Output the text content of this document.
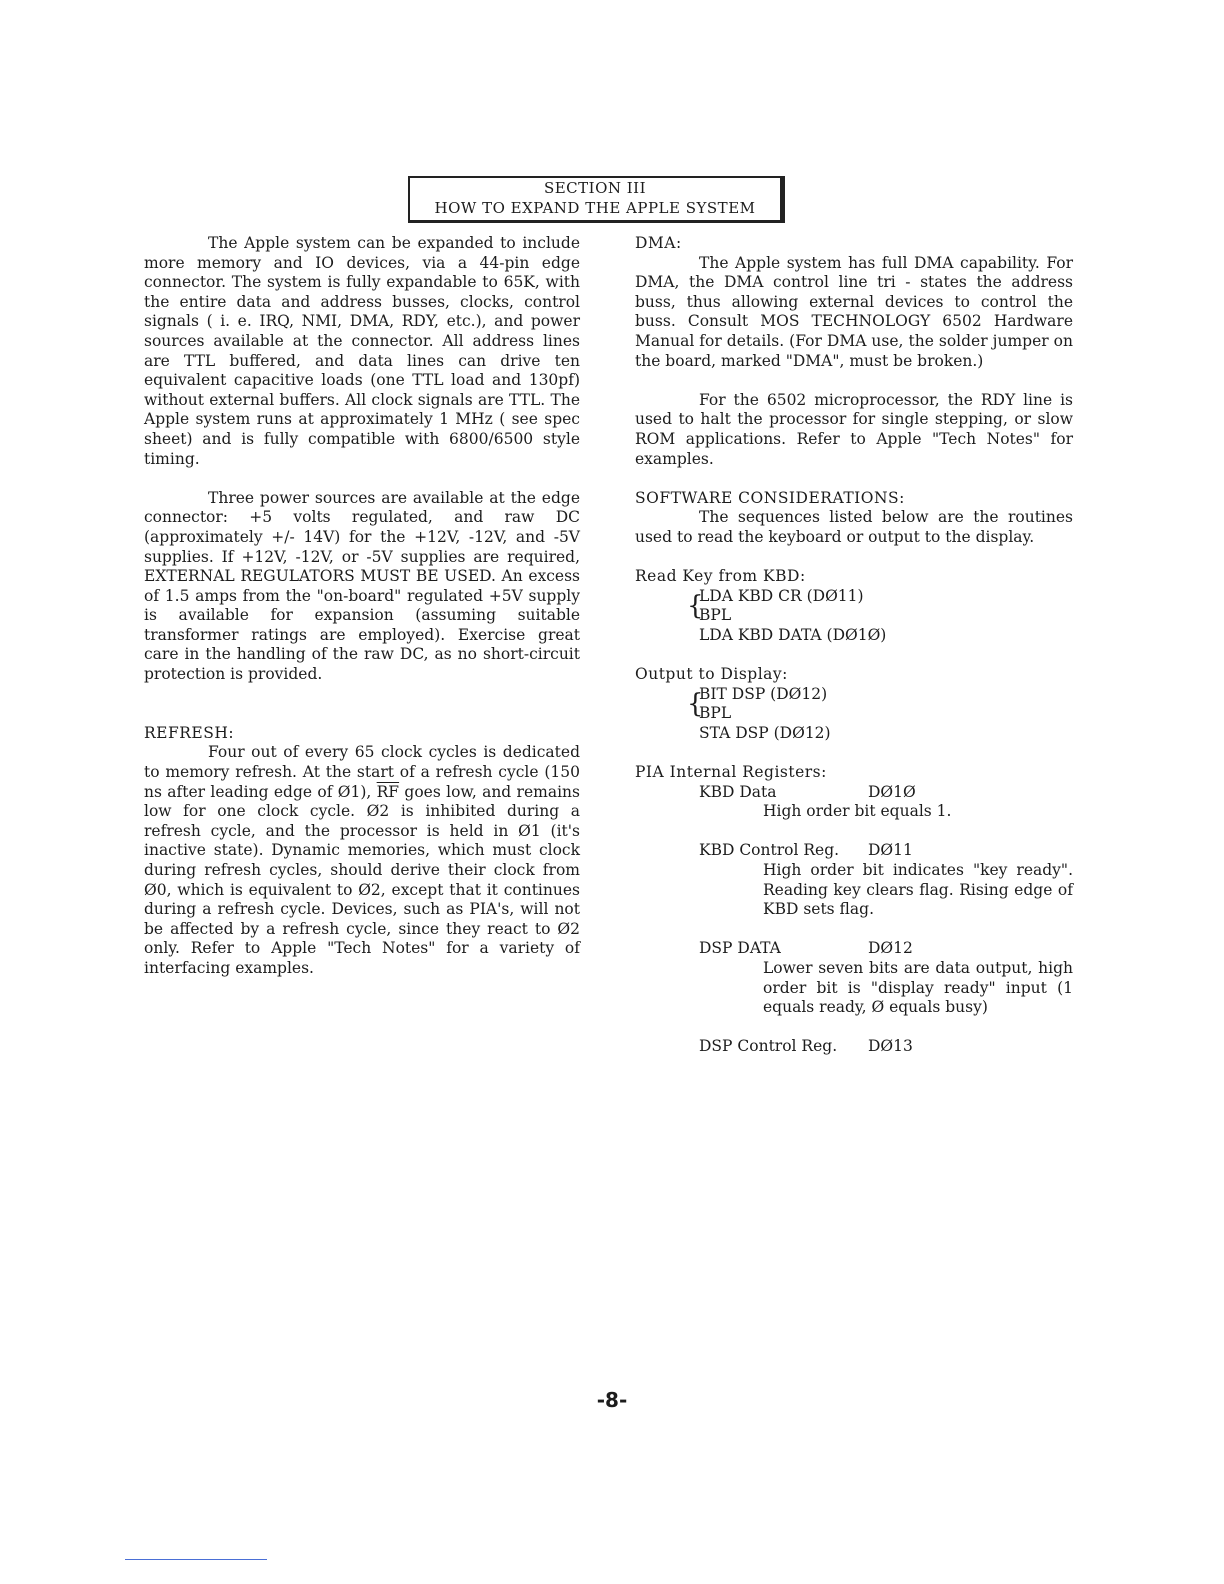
SECTION III
HOW TO EXPAND THE APPLE SYSTEM

The Apple system can be expanded to include more memory and IO devices, via a 44-pin edge connector. The system is fully expandable to 65K, with the entire data and address busses, clocks, control signals ( i. e. IRQ, NMI, DMA, RDY, etc.), and power sources available at the connector. All address lines are TTL buffered, and data lines can drive ten equivalent capacitive loads (one TTL load and 130pf) without external buffers. All clock signals are TTL. The Apple system runs at approximately 1 MHz ( see spec sheet) and is fully compatible with 6800/6500 style timing.

Three power sources are available at the edge connector: +5 volts regulated, and raw DC (approximately +/- 14V) for the +12V, -12V, and -5V supplies. If +12V, -12V, or -5V supplies are required, EXTERNAL REGULATORS MUST BE USED. An excess of 1.5 amps from the "on-board" regulated +5V supply is available for expansion (assuming suitable transformer ratings are employed). Exercise great care in the handling of the raw DC, as no short-circuit protection is provided.

REFRESH:

Four out of every 65 clock cycles is dedicated to memory refresh. At the start of a refresh cycle (150 ns after leading edge of Ø1), $\overline{RF}$ goes low, and remains low for one clock cycle. Ø2 is inhibited during a refresh cycle, and the processor is held in Ø1 (it's inactive state). Dynamic memories, which must clock during refresh cycles, should derive their clock from Ø0, which is equivalent to Ø2, except that it continues during a refresh cycle. Devices, such as PIA's, will not be affected by a refresh cycle, since they react to Ø2 only. Refer to Apple "Tech Notes" for a variety of interfacing examples.

DMA:

The Apple system has full DMA capability. For DMA, the DMA control line tri - states the address buss, thus allowing external devices to control the buss. Consult MOS TECHNOLOGY 6502 Hardware Manual for details. (For DMA use, the solder jumper on the board, marked "DMA", must be broken.)

For the 6502 microprocessor, the RDY line is used to halt the processor for single stepping, or slow ROM applications. Refer to Apple "Tech Notes" for examples.

SOFTWARE CONSIDERATIONS:

The sequences listed below are the routines used to read the keyboard or output to the display.

Read Key from KBD:
{
LDA KBD CR (DØ11)
BPL
LDA KBD DATA (DØ1Ø)
Output to Display:
{
BIT DSP (DØ12)
BPL
STA DSP (DØ12)
PIA Internal Registers:
KBD Data	DØ1Ø
High order bit equals 1.
KBD Control Reg. DØ11
High order bit indicates "key ready". Reading key clears flag. Rising edge of KBD sets flag.
DSP DATA	DØ12
Lower seven bits are data output, high order bit is "display ready" input (1 equals ready, Ø equals busy)
DSP Control Reg. DØ13
-8-
